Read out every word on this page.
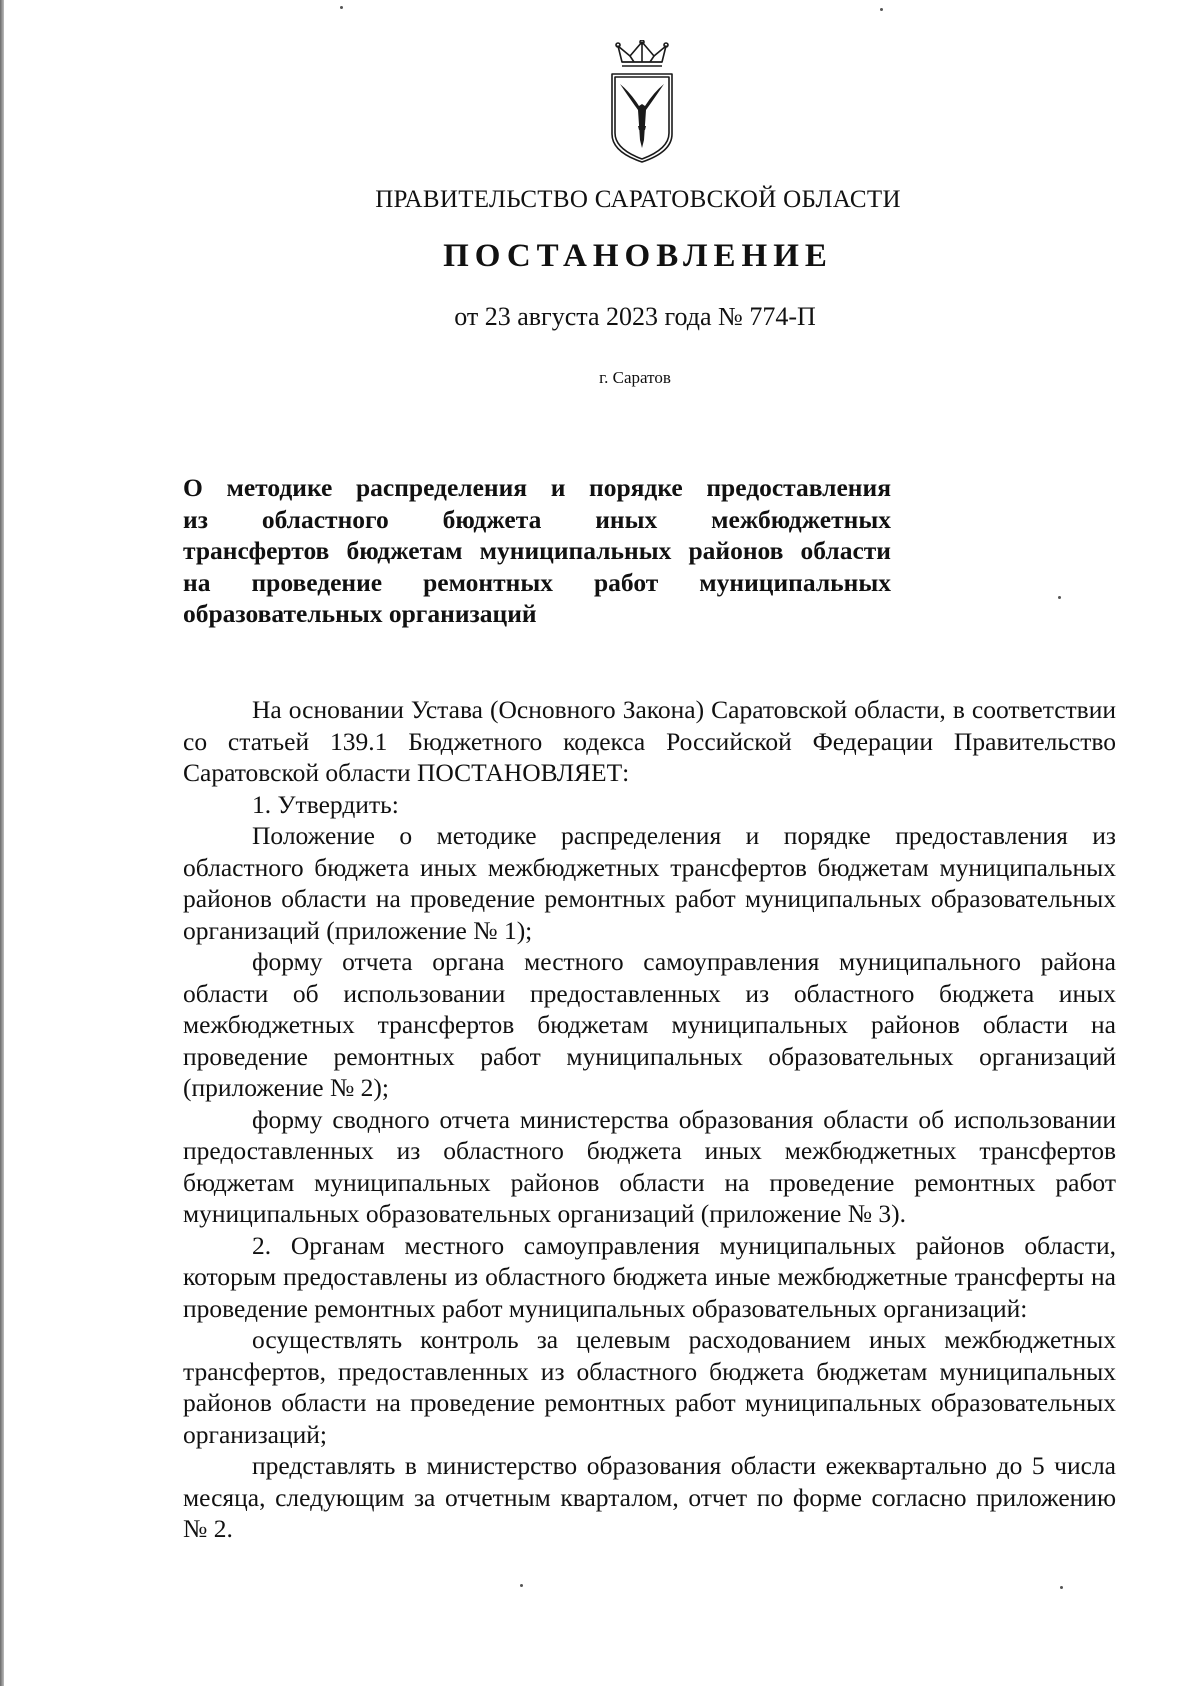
ПРАВИТЕЛЬСТВО САРАТОВСКОЙ ОБЛАСТИ
ПОСТАНОВЛЕНИЕ
от 23 августа 2023 года № 774-П
г. Саратов
О методике распределения и порядке предоставления
из областного бюджета иных межбюджетных
трансфертов бюджетам муниципальных районов области
на проведение ремонтных работ муниципальных
образовательных организаций

На основании Устава (Основного Закона) Саратовской области, в соответствии со статьей 139.1 Бюджетного кодекса Российской Федерации Правительство Саратовской области ПОСТАНОВЛЯЕТ:

1. Утвердить:

Положение о методике распределения и порядке предоставления из областного бюджета иных межбюджетных трансфертов бюджетам муниципальных районов области на проведение ремонтных работ муниципальных образовательных организаций (приложение № 1);

форму отчета органа местного самоуправления муниципального района области об использовании предоставленных из областного бюджета иных межбюджетных трансфертов бюджетам муниципальных районов области на проведение ремонтных работ муниципальных образовательных организаций (приложение № 2);

форму сводного отчета министерства образования области об использовании предоставленных из областного бюджета иных межбюджетных трансфертов бюджетам муниципальных районов области на проведение ремонтных работ муниципальных образовательных организаций (приложение № 3).

2. Органам местного самоуправления муниципальных районов области, которым предоставлены из областного бюджета иные межбюджетные трансферты на проведение ремонтных работ муниципальных образовательных организаций:

осуществлять контроль за целевым расходованием иных межбюджетных трансфертов, предоставленных из областного бюджета бюджетам муниципальных районов области на проведение ремонтных работ муниципальных образовательных организаций;

представлять в министерство образования области ежеквартально до 5 числа месяца, следующим за отчетным кварталом, отчет по форме согласно приложению № 2.
